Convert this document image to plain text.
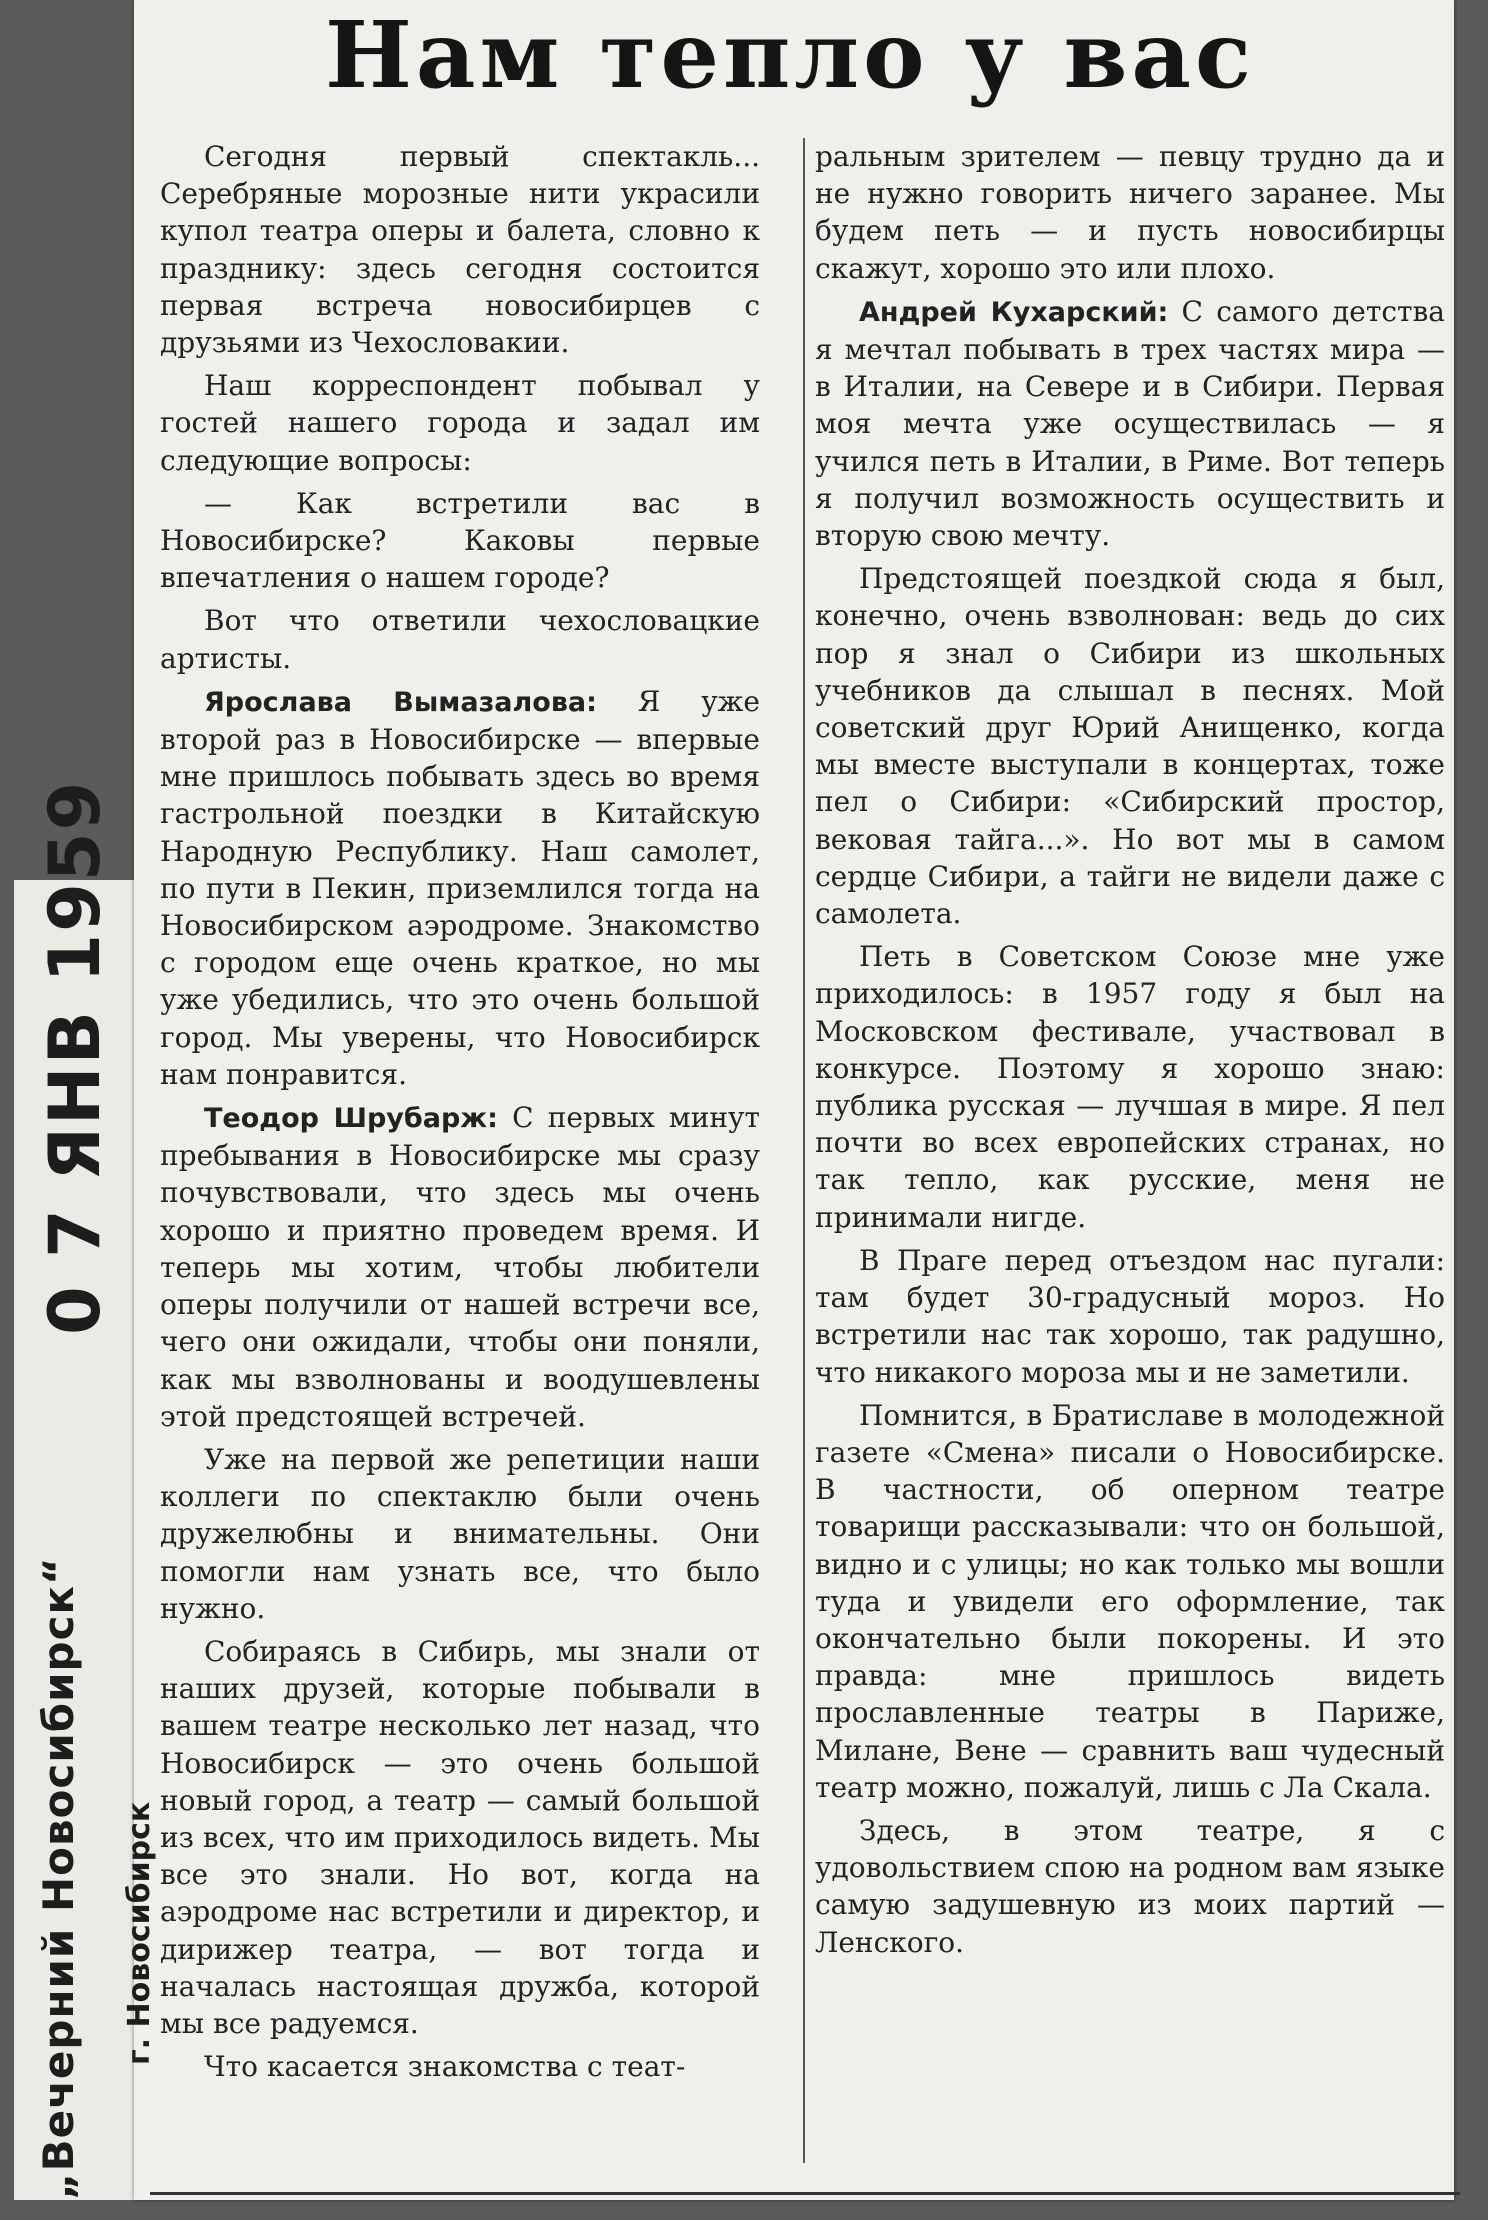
Нам тепло у вас

Сегодня первый спектакль... Серебряные морозные нити украсили купол театра оперы и балета, словно к празднику: здесь сегодня состоится первая встреча новосибирцев с друзьями из Чехословакии.

Наш корреспондент побывал у гостей нашего города и задал им следующие вопросы:

— Как встретили вас в Новосибирске? Каковы первые впечатления о нашем городе?

Вот что ответили чехословацкие артисты.

Ярослава Вымазалова: Я уже второй раз в Новосибирске — впервые мне пришлось побывать здесь во время гастрольной поездки в Китайскую Народную Республику. Наш самолет, по пути в Пекин, приземлился тогда на Новосибирском аэродроме. Знакомство с городом еще очень краткое, но мы уже убедились, что это очень большой город. Мы уверены, что Новосибирск нам понравится.

Теодор Шрубарж: С первых минут пребывания в Новосибирске мы сразу почувствовали, что здесь мы очень хорошо и приятно проведем время. И теперь мы хотим, чтобы любители оперы получили от нашей встречи все, чего они ожидали, чтобы они поняли, как мы взволнованы и воодушевлены этой предстоящей встречей.

Уже на первой же репетиции наши коллеги по спектаклю были очень дружелюбны и внимательны. Они помогли нам узнать все, что было нужно.

Собираясь в Сибирь, мы знали от наших друзей, которые побывали в вашем театре несколько лет назад, что Новосибирск — это очень большой новый город, а театр — самый большой из всех, что им приходилось видеть. Мы все это знали. Но вот, когда на аэродроме нас встретили и директор, и дирижер театра, — вот тогда и началась настоящая дружба, которой мы все радуемся.

Что касается знакомства с теат-

ральным зрителем — певцу трудно да и не нужно говорить ничего заранее. Мы будем петь — и пусть новосибирцы скажут, хорошо это или плохо.

Андрей Кухарский: С самого детства я мечтал побывать в трех частях мира — в Италии, на Севере и в Сибири. Первая моя мечта уже осуществилась — я учился петь в Италии, в Риме. Вот теперь я получил возможность осуществить и вторую свою мечту.

Предстоящей поездкой сюда я был, конечно, очень взволнован: ведь до сих пор я знал о Сибири из школьных учебников да слышал в песнях. Мой советский друг Юрий Анищенко, когда мы вместе выступали в концертах, тоже пел о Сибири: «Сибирский простор, вековая тайга...». Но вот мы в самом сердце Сибири, а тайги не видели даже с самолета.

Петь в Советском Союзе мне уже приходилось: в 1957 году я был на Московском фестивале, участвовал в конкурсе. Поэтому я хорошо знаю: публика русская — лучшая в мире. Я пел почти во всех европейских странах, но так тепло, как русские, меня не принимали нигде.

В Праге перед отъездом нас пугали: там будет 30-градусный мороз. Но встретили нас так хорошо, так радушно, что никакого мороза мы и не заметили.

Помнится, в Братиславе в молодежной газете «Смена» писали о Новосибирске. В частности, об оперном театре товарищи рассказывали: что он большой, видно и с улицы; но как только мы вошли туда и увидели его оформление, так окончательно были покорены. И это правда: мне пришлось видеть прославленные театры в Париже, Милане, Вене — сравнить ваш чудесный театр можно, пожалуй, лишь с Ла Скала.

Здесь, в этом театре, я с удовольствием спою на родном вам языке самую задушевную из моих партий — Ленского.

0 7 ЯНВ 1959
„Вечерний Новосибирск“ г. Новосибирск
